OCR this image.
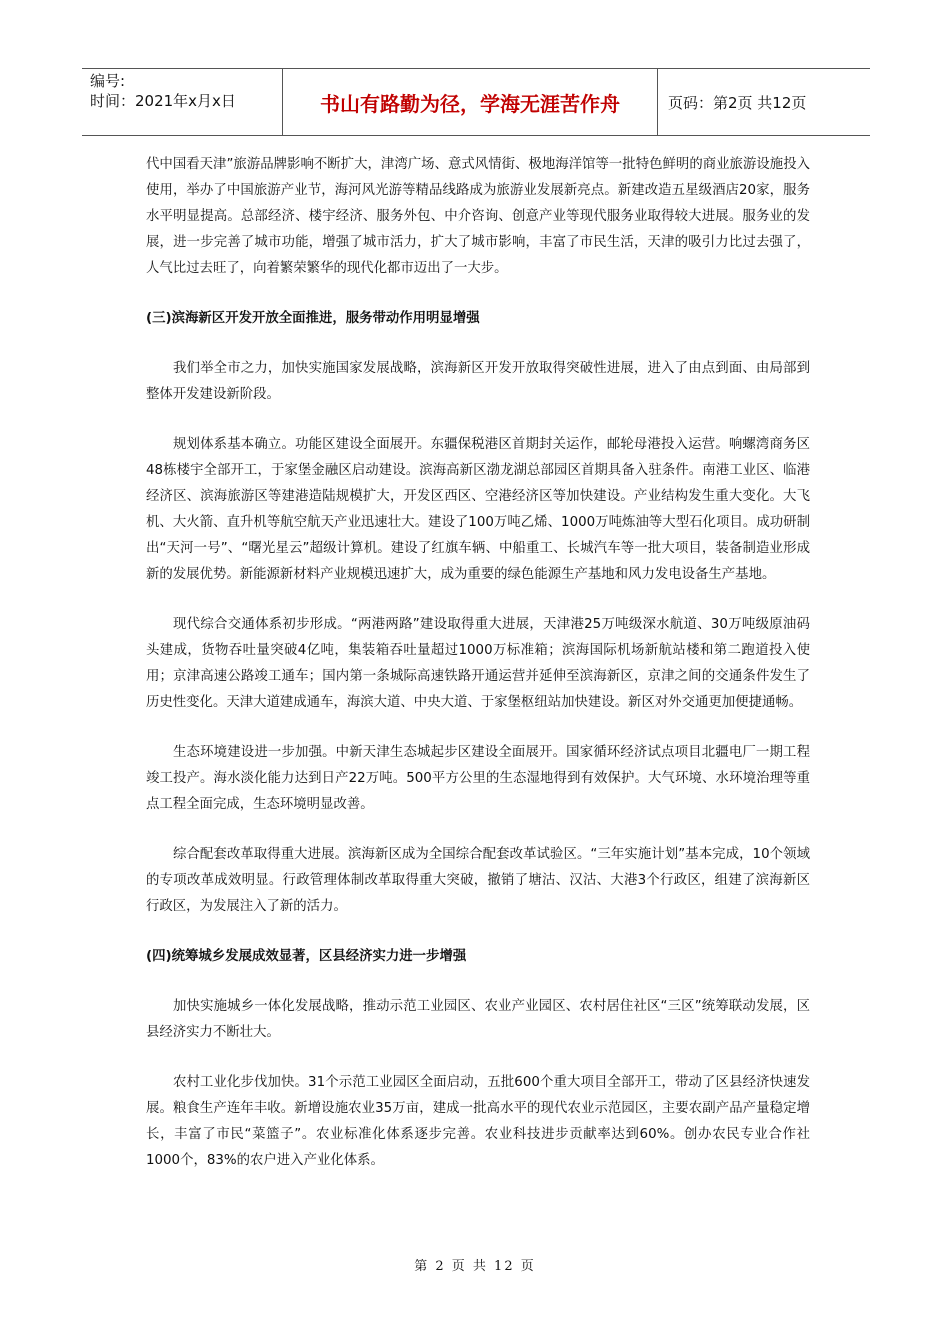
编号:
时间：2021年x月x日	书山有路勤为径，学海无涯苦作舟	页码：第2页 共12页

代中国看天津”旅游品牌影响不断扩大，津湾广场、意式风情街、极地海洋馆等一批特色鲜明的商业旅游设施投入使用，举办了中国旅游产业节，海河风光游等精品线路成为旅游业发展新亮点。新建改造五星级酒店20家，服务水平明显提高。总部经济、楼宇经济、服务外包、中介咨询、创意产业等现代服务业取得较大进展。服务业的发展，进一步完善了城市功能，增强了城市活力，扩大了城市影响，丰富了市民生活，天津的吸引力比过去强了，人气比过去旺了，向着繁荣繁华的现代化都市迈出了一大步。

(三)滨海新区开发开放全面推进，服务带动作用明显增强

我们举全市之力，加快实施国家发展战略，滨海新区开发开放取得突破性进展，进入了由点到面、由局部到整体开发建设新阶段。

规划体系基本确立。功能区建设全面展开。东疆保税港区首期封关运作，邮轮母港投入运营。响螺湾商务区48栋楼宇全部开工，于家堡金融区启动建设。滨海高新区渤龙湖总部园区首期具备入驻条件。南港工业区、临港经济区、滨海旅游区等建港造陆规模扩大，开发区西区、空港经济区等加快建设。产业结构发生重大变化。大飞机、大火箭、直升机等航空航天产业迅速壮大。建设了100万吨乙烯、1000万吨炼油等大型石化项目。成功研制出“天河一号”、“曙光星云”超级计算机。建设了红旗车辆、中船重工、长城汽车等一批大项目，装备制造业形成新的发展优势。新能源新材料产业规模迅速扩大，成为重要的绿色能源生产基地和风力发电设备生产基地。

现代综合交通体系初步形成。“两港两路”建设取得重大进展，天津港25万吨级深水航道、30万吨级原油码头建成，货物吞吐量突破4亿吨，集装箱吞吐量超过1000万标准箱；滨海国际机场新航站楼和第二跑道投入使用；京津高速公路竣工通车；国内第一条城际高速铁路开通运营并延伸至滨海新区，京津之间的交通条件发生了历史性变化。天津大道建成通车，海滨大道、中央大道、于家堡枢纽站加快建设。新区对外交通更加便捷通畅。

生态环境建设进一步加强。中新天津生态城起步区建设全面展开。国家循环经济试点项目北疆电厂一期工程竣工投产。海水淡化能力达到日产22万吨。500平方公里的生态湿地得到有效保护。大气环境、水环境治理等重点工程全面完成，生态环境明显改善。

综合配套改革取得重大进展。滨海新区成为全国综合配套改革试验区。“三年实施计划”基本完成，10个领域的专项改革成效明显。行政管理体制改革取得重大突破，撤销了塘沽、汉沽、大港3个行政区，组建了滨海新区行政区，为发展注入了新的活力。

(四)统筹城乡发展成效显著，区县经济实力进一步增强

加快实施城乡一体化发展战略，推动示范工业园区、农业产业园区、农村居住社区“三区”统筹联动发展，区县经济实力不断壮大。

农村工业化步伐加快。31个示范工业园区全面启动，五批600个重大项目全部开工，带动了区县经济快速发展。粮食生产连年丰收。新增设施农业35万亩，建成一批高水平的现代农业示范园区，主要农副产品产量稳定增长，丰富了市民“菜篮子”。农业标准化体系逐步完善。农业科技进步贡献率达到60%。创办农民专业合作社1000个，83%的农户进入产业化体系。

第 2 页 共 12 页
